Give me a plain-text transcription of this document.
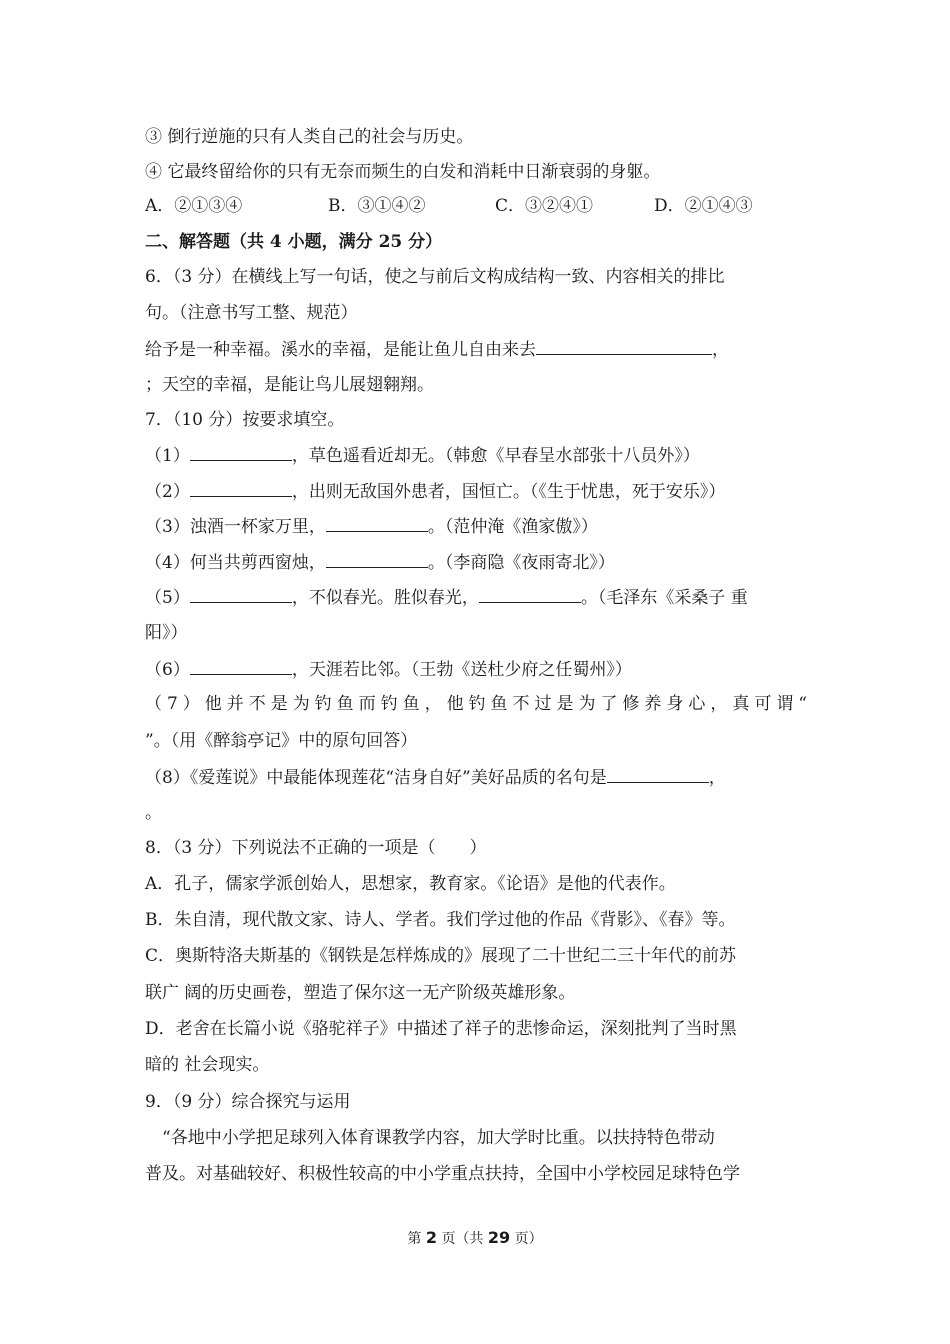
③ 倒行逆施的只有人类自己的社会与历史。
④ 它最终留给你的只有无奈而频生的白发和消耗中日渐衰弱的身躯。
A．②①③④	B．③①④②	C．③②④①	D．②①④③
二、解答题（共 4 小题，满分 25 分）
6．（3 分）在横线上写一句话，使之与前后文构成结构一致、内容相关的排比
句。（注意书写工整、规范）
给予是一种幸福。溪水的幸福，是能让鱼儿自由来去	，
；天空的幸福，是能让鸟儿展翅翱翔。
7．（10 分）按要求填空。
（1）	，草色遥看近却无。（韩愈《早春呈水部张十八员外》）
（2）	，出则无敌国外患者，国恒亡。（《生于忧患，死于安乐》）
（3）浊酒一杯家万里，	。（范仲淹《渔家傲》）
（4）何当共剪西窗烛，	。（李商隐《夜雨寄北》）
（5）	，不似春光。胜似春光，	。（毛泽东《采桑子 重
阳》）
（6）	，天涯若比邻。（王勃《送杜少府之任蜀州》）
（7）他并不是为钓鱼而钓鱼，他钓鱼不过是为了修养身心，真可谓“
”。（用《醉翁亭记》中的原句回答）
（8）《爱莲说》中最能体现莲花“洁身自好”美好品质的名句是	，
。
8．（3 分）下列说法不正确的一项是（　　）
A．孔子，儒家学派创始人，思想家，教育家。《论语》是他的代表作。
B．朱自清，现代散文家、诗人、学者。我们学过他的作品《背影》、《春》等。
C．奥斯特洛夫斯基的《钢铁是怎样炼成的》展现了二十世纪二三十年代的前苏
联广 阔的历史画卷，塑造了保尔这一无产阶级英雄形象。
D．老舍在长篇小说《骆驼祥子》中描述了祥子的悲惨命运，深刻批判了当时黑
暗的 社会现实。
9．（9 分）综合探究与运用
“各地中小学把足球列入体育课教学内容，加大学时比重。以扶持特色带动
普及。对基础较好、积极性较高的中小学重点扶持，全国中小学校园足球特色学
第 2 页（共 29 页）
